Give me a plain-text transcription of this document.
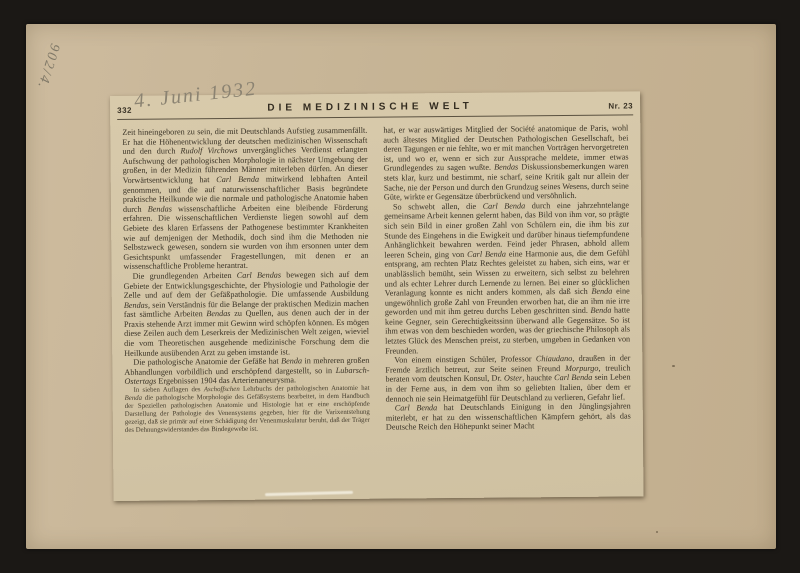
902/4.
4. Juni 1932
332	DIE MEDIZINISCHE WELT	Nr. 23

Zeit hineingeboren zu sein, die mit Deutschlands Aufstieg zusammenfällt. Er hat die Höhenentwicklung der deutschen medizinischen Wissenschaft und den durch Rudolf Virchows unvergängliches Verdienst erlangten Aufschwung der pathologischen Morphologie in nächster Umgebung der großen, in der Medizin führenden Männer miterleben dürfen. An dieser Vorwärtsentwicklung hat Carl Benda mitwirkend lebhaften Anteil genommen, und die auf naturwissenschaftlicher Basis begründete praktische Heilkunde wie die normale und pathologische Anatomie haben durch Bendas wissenschaftliche Arbeiten eine bleibende Förderung erfahren. Die wissenschaftlichen Verdienste liegen sowohl auf dem Gebiete des klaren Erfassens der Pathogenese bestimmter Krankheiten wie auf demjenigen der Methodik, doch sind ihm die Methoden nie Selbstzweck gewesen, sondern sie wurden von ihm ersonnen unter dem Gesichtspunkt umfassender Fragestellungen, mit denen er an wissenschaftliche Probleme herantrat.

Die grundlegenden Arbeiten Carl Bendas bewegen sich auf dem Gebiete der Entwicklungsgeschichte, der Physiologie und Pathologie der Zelle und auf dem der Gefäßpathologie. Die umfassende Ausbildung Bendas, sein Verständnis für die Belange der praktischen Medizin machen fast sämtliche Arbeiten Bendas zu Quellen, aus denen auch der in der Praxis stehende Arzt immer mit Gewinn wird schöpfen können. Es mögen diese Zeilen auch dem Leserkreis der Medizinischen Welt zeigen, wieviel die vom Theoretischen ausgehende medizinische Forschung dem die Heilkunde ausübenden Arzt zu geben imstande ist.

Die pathologische Anatomie der Gefäße hat Benda in mehreren großen Abhandlungen vorbildlich und erschöpfend dargestellt, so in Lubarsch-Ostertags Ergebnissen 1904 das Arterienaneurysma.

In sieben Auflagen des Aschoffschen Lehrbuchs der pathologischen Anatomie hat Benda die pathologische Morphologie des Gefäßsystems bearbeitet, in dem Handbuch der Speziellen pathologischen Anatomie und Histologie hat er eine erschöpfende Darstellung der Pathologie des Venensystems gegeben, hier für die Varixentstehung gezeigt, daß sie primär auf einer Schädigung der Venenmuskulatur beruht, daß der Träger des Dehnungswiderstandes das Bindegewebe ist.

hat, er war auswärtiges Mitglied der Société anatomique de Paris, wohl auch ältestes Mitglied der Deutschen Pathologischen Gesellschaft, bei deren Tagungen er nie fehlte, wo er mit manchen Vorträgen hervorgetreten ist, und wo er, wenn er sich zur Aussprache meldete, immer etwas Grundlegendes zu sagen wußte. Bendas Diskussionsbemerkungen waren stets klar, kurz und bestimmt, nie scharf, seine Kritik galt nur allein der Sache, nie der Person und durch den Grundzug seines Wesens, durch seine Güte, wirkte er Gegensätze überbrückend und versöhnlich.

So schwebt allen, die Carl Benda durch eine jahrzehntelange gemeinsame Arbeit kennen gelernt haben, das Bild von ihm vor, so prägte sich sein Bild in einer großen Zahl von Schülern ein, die ihm bis zur Stunde des Eingehens in die Ewigkeit und darüber hinaus tiefempfundene Anhänglichkeit bewahren werden. Feind jeder Phrasen, abhold allem leeren Schein, ging von Carl Benda eine Harmonie aus, die dem Gefühl entsprang, am rechten Platz Rechtes geleistet zu haben, sich eins, war er unablässlich bemüht, sein Wissen zu erweitern, sich selbst zu belehren und als echter Lehrer durch Lernende zu lernen. Bei einer so glücklichen Veranlagung konnte es nicht anders kommen, als daß sich Benda eine ungewöhnlich große Zahl von Freunden erworben hat, die an ihm nie irre geworden und mit ihm getreu durchs Leben geschritten sind. Benda hatte keine Gegner, sein Gerechtigkeitssinn überwand alle Gegensätze. So ist ihm etwas von dem beschieden worden, was der griechische Philosoph als letztes Glück des Menschen preist, zu sterben, umgeben in Gedanken von Freunden.

Von einem einstigen Schüler, Professor Chiaudano, draußen in der Fremde ärztlich betreut, zur Seite seinen Freund Morpurgo, treulich beraten vom deutschen Konsul, Dr. Oster, hauchte Carl Benda sein Leben in der Ferne aus, in dem von ihm so geliebten Italien, über dem er dennoch nie sein Heimatgefühl für Deutschland zu verlieren, Gefahr lief.

Carl Benda hat Deutschlands Einigung in den Jünglingsjahren miterlebt, er hat zu den wissenschaftlichen Kämpfern gehört, als das Deutsche Reich den Höhepunkt seiner Macht
